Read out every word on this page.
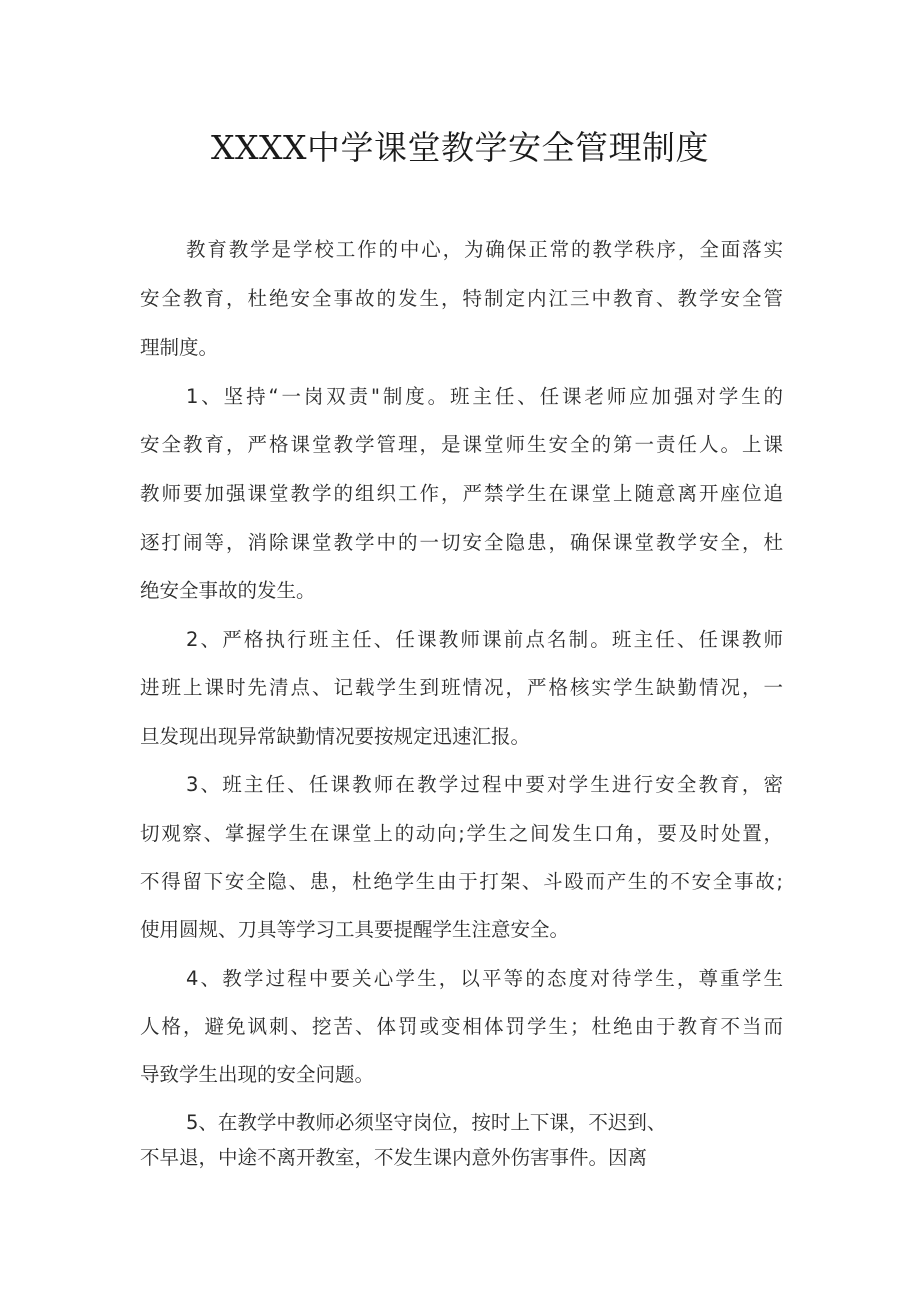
XXXX中学课堂教学安全管理制度

教育教学是学校工作的中心，为确保正常的教学秩序，全面落实

安全教育，杜绝安全事故的发生，特制定内江三中教育、教学安全管

理制度。

1、坚持“一岗双责"制度。班主任、任课老师应加强对学生的

安全教育，严格课堂教学管理，是课堂师生安全的第一责任人。上课

教师要加强课堂教学的组织工作，严禁学生在课堂上随意离开座位追

逐打闹等，消除课堂教学中的一切安全隐患，确保课堂教学安全，杜

绝安全事故的发生。

2、严格执行班主任、任课教师课前点名制。班主任、任课教师

进班上课时先清点、记载学生到班情况，严格核实学生缺勤情况，一

旦发现出现异常缺勤情况要按规定迅速汇报。

3、班主任、任课教师在教学过程中要对学生进行安全教育，密

切观察、掌握学生在课堂上的动向;学生之间发生口角，要及时处置，

不得留下安全隐、患，杜绝学生由于打架、斗殴而产生的不安全事故;

使用圆规、刀具等学习工具要提醒学生注意安全。

4、教学过程中要关心学生，以平等的态度对待学生，尊重学生

人格，避免讽刺、挖苦、体罚或变相体罚学生；杜绝由于教育不当而

导致学生出现的安全问题。

5、在教学中教师必须坚守岗位，按时上下课，不迟到、

不早退，中途不离开教室，不发生课内意外伤害事件。因离
